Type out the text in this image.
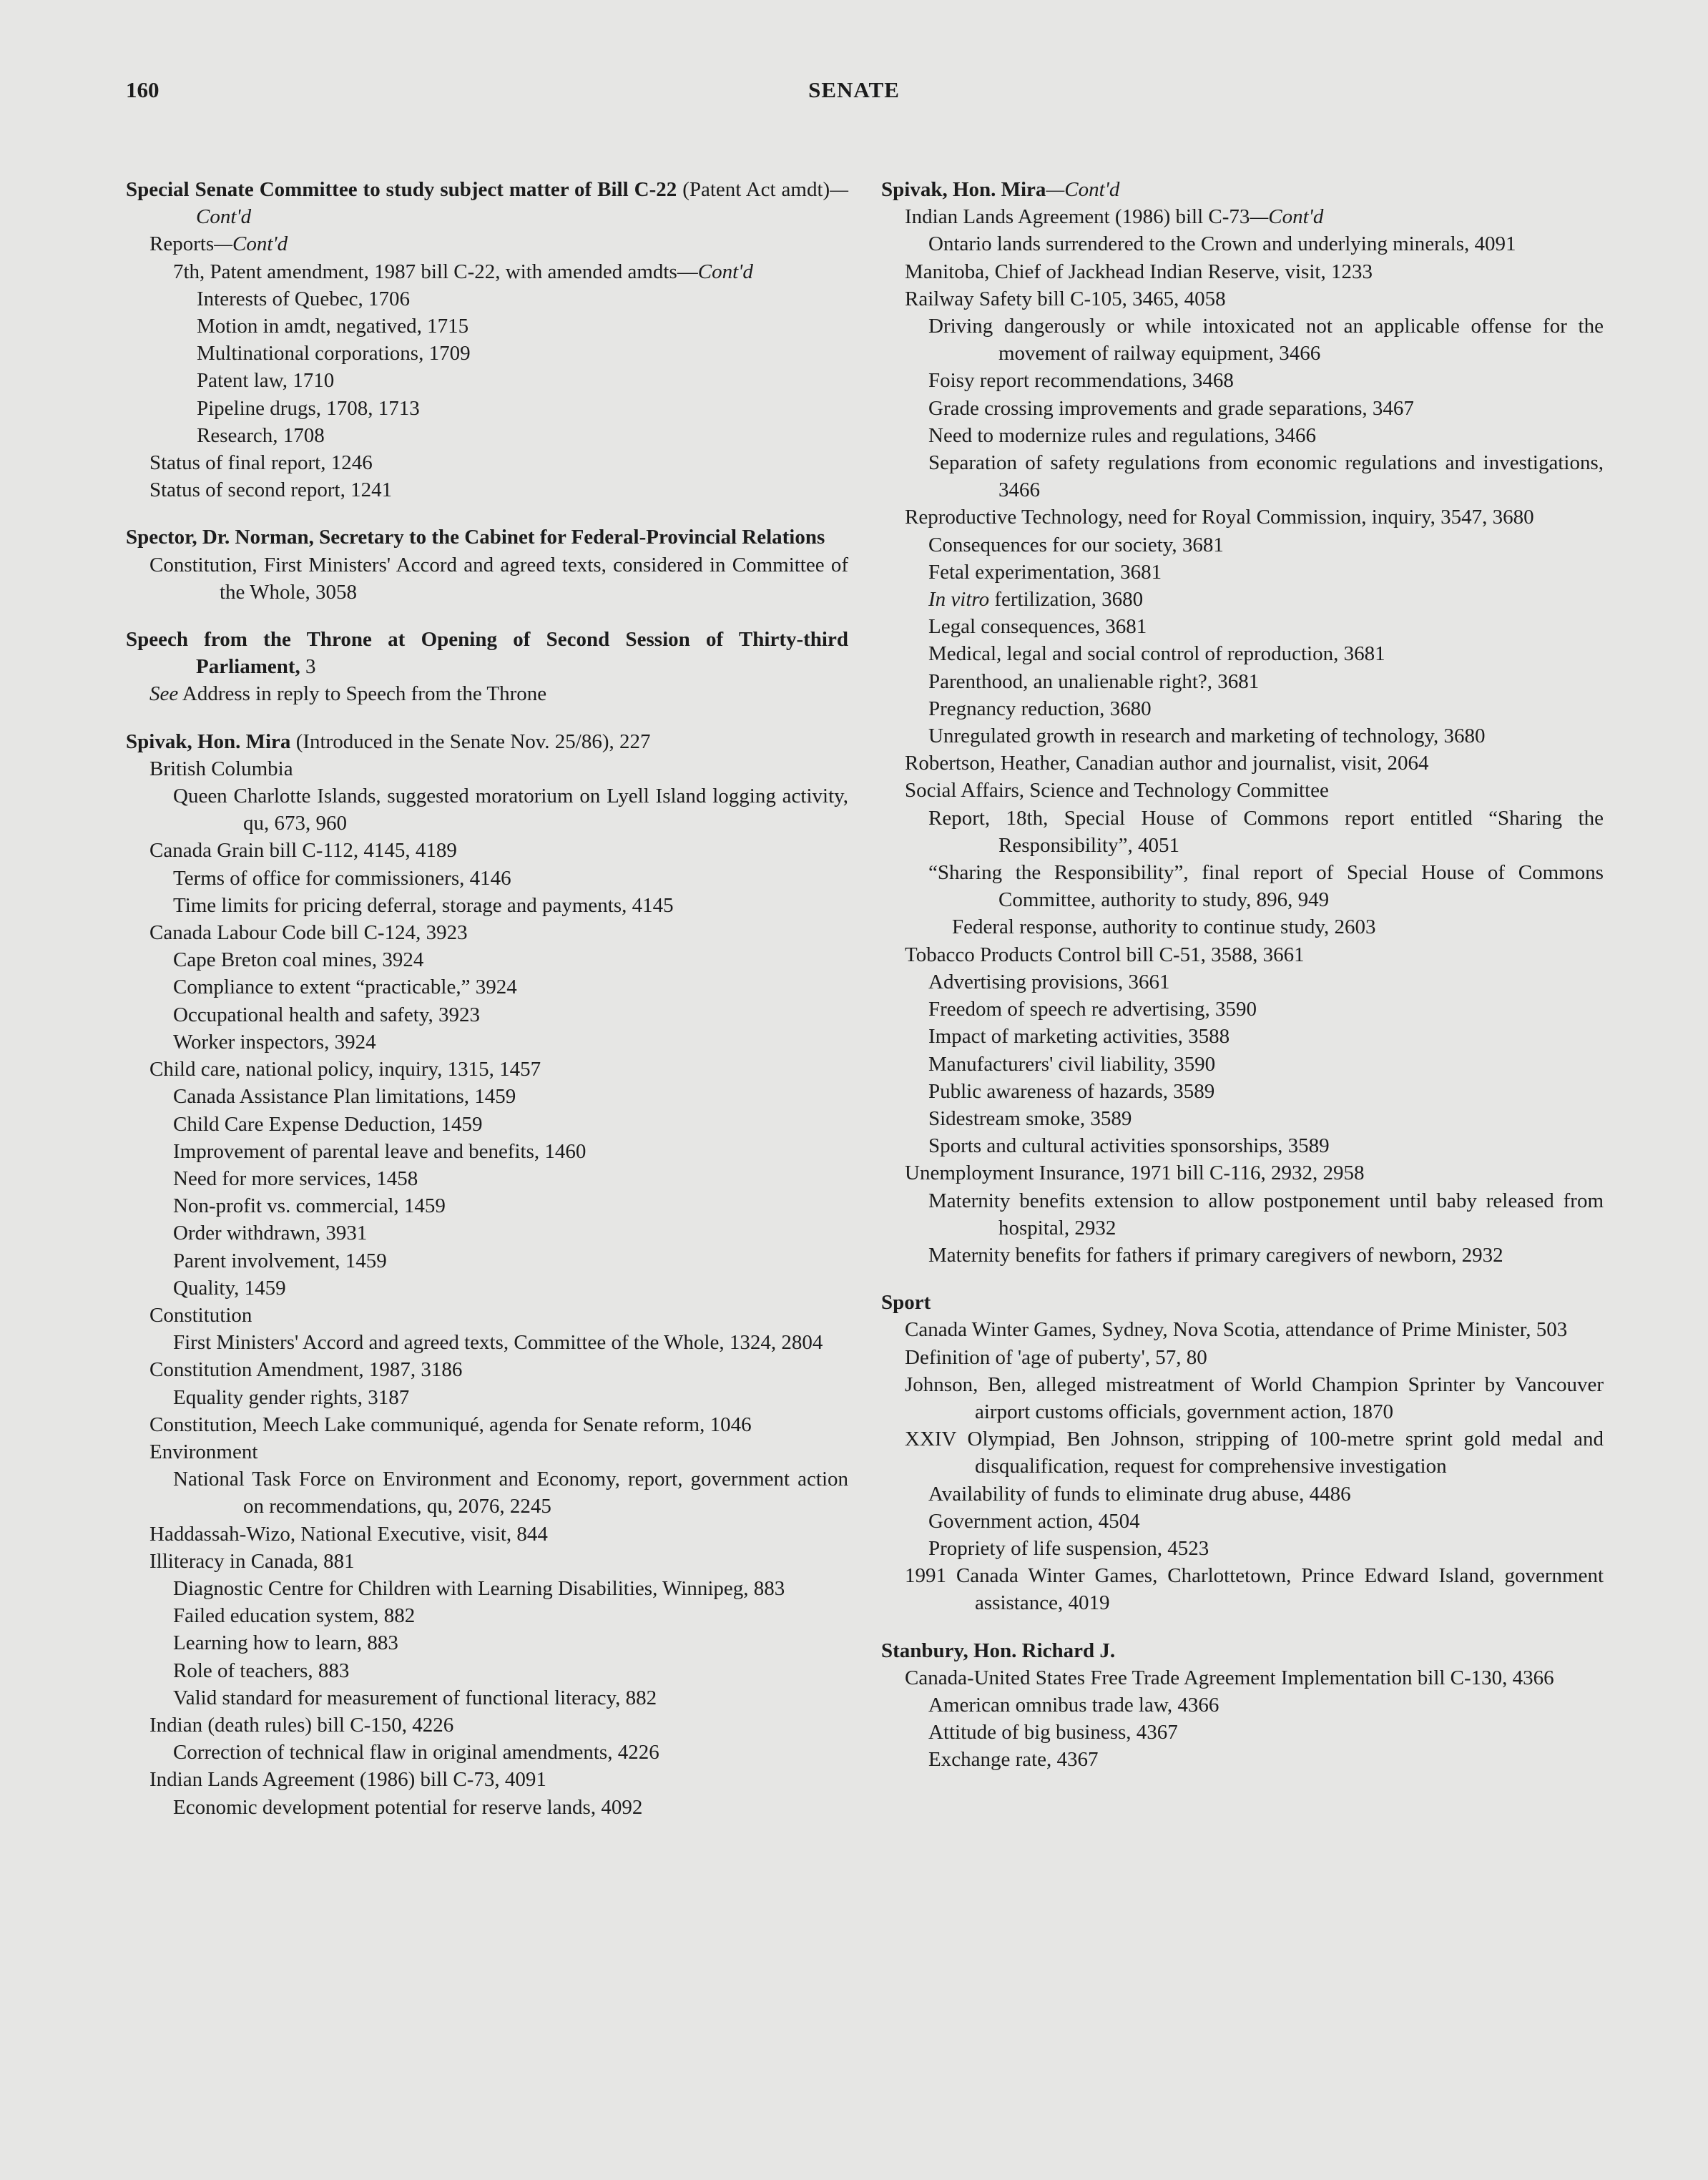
160	SENATE
Special Senate Committee to study subject matter of Bill C-22 (Patent Act amdt)—Cont'd
Reports—Cont'd
7th, Patent amendment, 1987 bill C-22, with amended amdts—Cont'd
Interests of Quebec, 1706
Motion in amdt, negatived, 1715
Multinational corporations, 1709
Patent law, 1710
Pipeline drugs, 1708, 1713
Research, 1708
Status of final report, 1246
Status of second report, 1241
Spector, Dr. Norman, Secretary to the Cabinet for Federal-Provincial Relations
Constitution, First Ministers' Accord and agreed texts, considered in Committee of the Whole, 3058
Speech from the Throne at Opening of Second Session of Thirty-third Parliament, 3
See Address in reply to Speech from the Throne
Spivak, Hon. Mira (Introduced in the Senate Nov. 25/86), 227
British Columbia
Queen Charlotte Islands, suggested moratorium on Lyell Island logging activity, qu, 673, 960
Canada Grain bill C-112, 4145, 4189
Terms of office for commissioners, 4146
Time limits for pricing deferral, storage and payments, 4145
Canada Labour Code bill C-124, 3923
Cape Breton coal mines, 3924
Compliance to extent “practicable,” 3924
Occupational health and safety, 3923
Worker inspectors, 3924
Child care, national policy, inquiry, 1315, 1457
Canada Assistance Plan limitations, 1459
Child Care Expense Deduction, 1459
Improvement of parental leave and benefits, 1460
Need for more services, 1458
Non-profit vs. commercial, 1459
Order withdrawn, 3931
Parent involvement, 1459
Quality, 1459
Constitution
First Ministers' Accord and agreed texts, Committee of the Whole, 1324, 2804
Constitution Amendment, 1987, 3186
Equality gender rights, 3187
Constitution, Meech Lake communiqué, agenda for Senate reform, 1046
Environment
National Task Force on Environment and Economy, report, government action on recommendations, qu, 2076, 2245
Haddassah-Wizo, National Executive, visit, 844
Illiteracy in Canada, 881
Diagnostic Centre for Children with Learning Disabilities, Winnipeg, 883
Failed education system, 882
Learning how to learn, 883
Role of teachers, 883
Valid standard for measurement of functional literacy, 882
Indian (death rules) bill C-150, 4226
Correction of technical flaw in original amendments, 4226
Indian Lands Agreement (1986) bill C-73, 4091
Economic development potential for reserve lands, 4092
Spivak, Hon. Mira—Cont'd
Indian Lands Agreement (1986) bill C-73—Cont'd
Ontario lands surrendered to the Crown and underlying minerals, 4091
Manitoba, Chief of Jackhead Indian Reserve, visit, 1233
Railway Safety bill C-105, 3465, 4058
Driving dangerously or while intoxicated not an applicable offense for the movement of railway equipment, 3466
Foisy report recommendations, 3468
Grade crossing improvements and grade separations, 3467
Need to modernize rules and regulations, 3466
Separation of safety regulations from economic regulations and investigations, 3466
Reproductive Technology, need for Royal Commission, inquiry, 3547, 3680
Consequences for our society, 3681
Fetal experimentation, 3681
In vitro fertilization, 3680
Legal consequences, 3681
Medical, legal and social control of reproduction, 3681
Parenthood, an unalienable right?, 3681
Pregnancy reduction, 3680
Unregulated growth in research and marketing of technology, 3680
Robertson, Heather, Canadian author and journalist, visit, 2064
Social Affairs, Science and Technology Committee
Report, 18th, Special House of Commons report entitled “Sharing the Responsibility”, 4051
“Sharing the Responsibility”, final report of Special House of Commons Committee, authority to study, 896, 949
Federal response, authority to continue study, 2603
Tobacco Products Control bill C-51, 3588, 3661
Advertising provisions, 3661
Freedom of speech re advertising, 3590
Impact of marketing activities, 3588
Manufacturers' civil liability, 3590
Public awareness of hazards, 3589
Sidestream smoke, 3589
Sports and cultural activities sponsorships, 3589
Unemployment Insurance, 1971 bill C-116, 2932, 2958
Maternity benefits extension to allow postponement until baby released from hospital, 2932
Maternity benefits for fathers if primary caregivers of newborn, 2932
Sport
Canada Winter Games, Sydney, Nova Scotia, attendance of Prime Minister, 503
Definition of 'age of puberty', 57, 80
Johnson, Ben, alleged mistreatment of World Champion Sprinter by Vancouver airport customs officials, government action, 1870
XXIV Olympiad, Ben Johnson, stripping of 100-metre sprint gold medal and disqualification, request for comprehensive investigation
Availability of funds to eliminate drug abuse, 4486
Government action, 4504
Propriety of life suspension, 4523
1991 Canada Winter Games, Charlottetown, Prince Edward Island, government assistance, 4019
Stanbury, Hon. Richard J.
Canada-United States Free Trade Agreement Implementation bill C-130, 4366
American omnibus trade law, 4366
Attitude of big business, 4367
Exchange rate, 4367
